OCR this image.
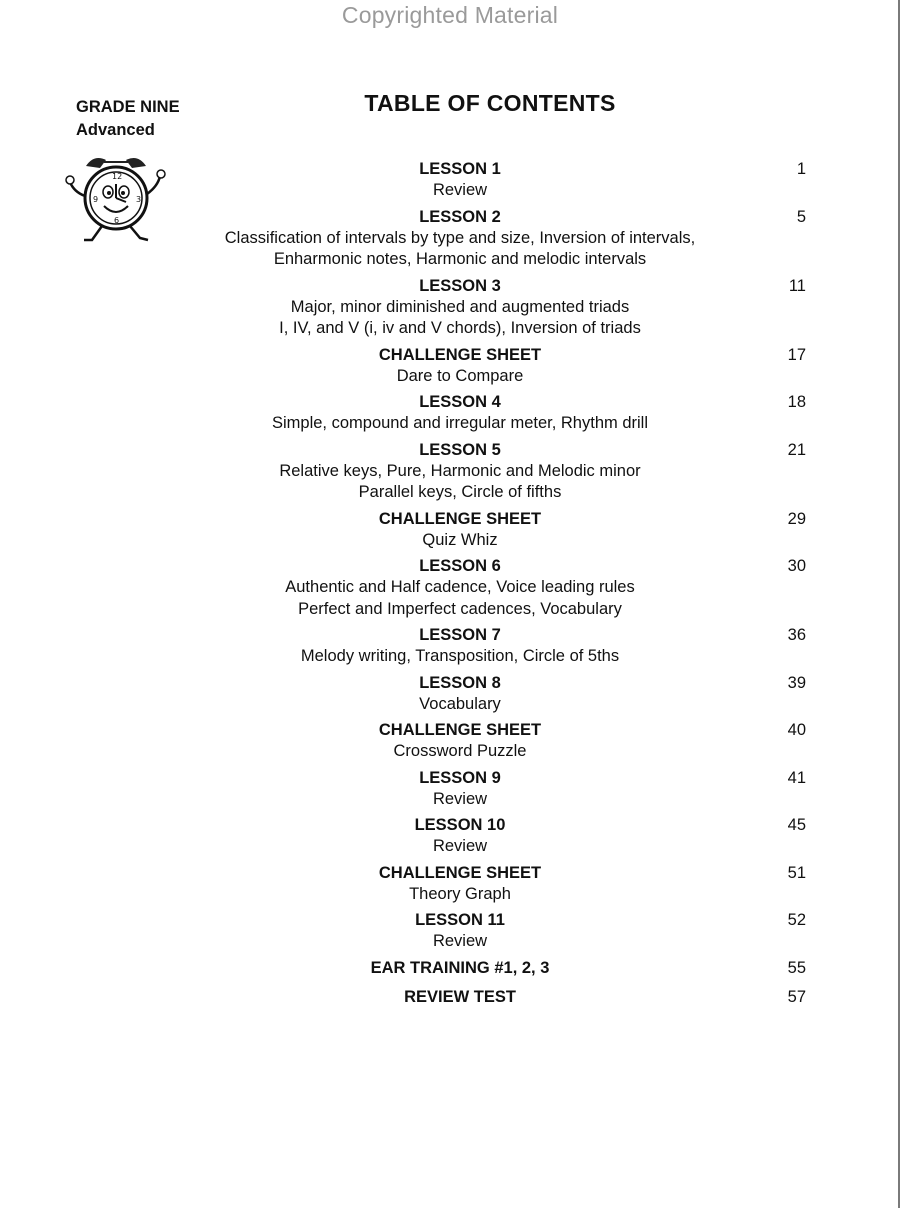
Copyrighted Material
GRADE NINE
Advanced
TABLE OF CONTENTS
12
3
6
9
LESSON 1
Review
1
LESSON 2
Classification of intervals by type and size, Inversion of intervals,
Enharmonic notes, Harmonic and melodic intervals
5
LESSON 3
Major, minor diminished and augmented triads
I, IV, and V (i, iv and V chords), Inversion of triads
11
CHALLENGE SHEET
Dare to Compare
17
LESSON 4
Simple, compound and irregular meter, Rhythm drill
18
LESSON 5
Relative keys, Pure, Harmonic and Melodic minor
Parallel keys, Circle of fifths
21
CHALLENGE SHEET
Quiz Whiz
29
LESSON 6
Authentic and Half cadence, Voice leading rules
Perfect and Imperfect cadences, Vocabulary
30
LESSON 7
Melody writing, Transposition, Circle of 5ths
36
LESSON 8
Vocabulary
39
CHALLENGE SHEET
Crossword Puzzle
40
LESSON 9
Review
41
LESSON 10
Review
45
CHALLENGE SHEET
Theory Graph
51
LESSON 11
Review
52
EAR TRAINING #1, 2, 3	55
REVIEW TEST	57
